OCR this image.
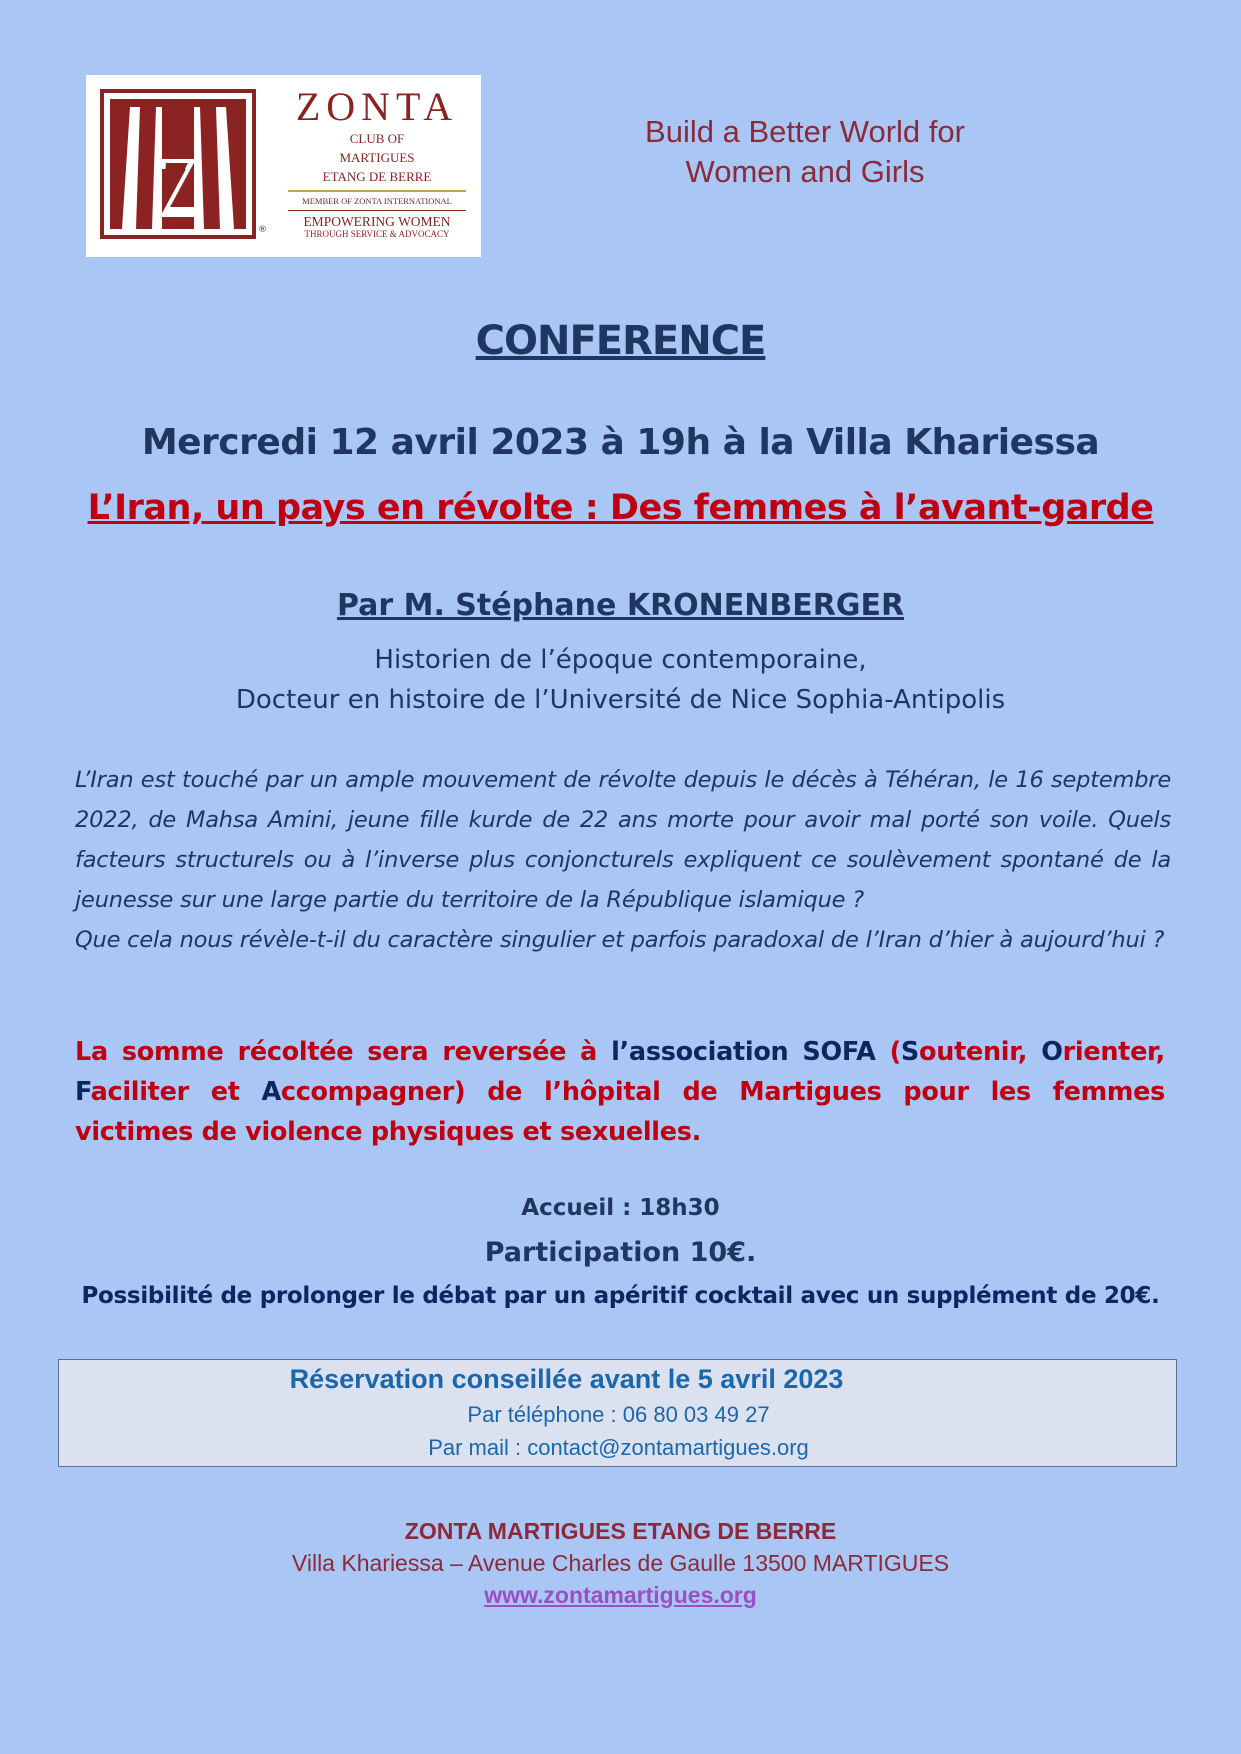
®
ZONTA
CLUB OF
MARTIGUES
ETANG DE BERRE
MEMBER OF ZONTA INTERNATIONAL
EMPOWERING WOMEN
THROUGH SERVICE & ADVOCACY
Build a Better World for
Women and Girls
CONFERENCE
Mercredi 12 avril 2023 à 19h à la Villa Khariessa
L’Iran, un pays en révolte : Des femmes à l’avant-garde
Par M. Stéphane KRONENBERGER
Historien de l’époque contemporaine,
Docteur en histoire de l’Université de Nice Sophia-Antipolis

L’Iran est touché par un ample mouvement de révolte depuis le décès à Téhéran, le 16 septembre 2022, de Mahsa Amini, jeune fille kurde de 22 ans morte pour avoir mal porté son voile. Quels facteurs structurels ou à l’inverse plus conjoncturels expliquent ce soulèvement spontané de la jeunesse sur une large partie du territoire de la République islamique ?

Que cela nous révèle-t-il du caractère singulier et parfois paradoxal de l’Iran d’hier à aujourd’hui ?

La somme récoltée sera reversée à l’association SOFA (Soutenir, Orienter, Faciliter et Accompagner) de l’hôpital de Martigues pour les femmes victimes de violence physiques et sexuelles.

Accueil : 18h30
Participation 10€.
Possibilité de prolonger le débat par un apéritif cocktail avec un supplément de 20€.
Réservation conseillée avant le 5 avril 2023
Par téléphone : 06 80 03 49 27
Par mail : contact@zontamartigues.org
ZONTA MARTIGUES ETANG DE BERRE
Villa Khariessa – Avenue Charles de Gaulle 13500 MARTIGUES
www.zontamartigues.org
